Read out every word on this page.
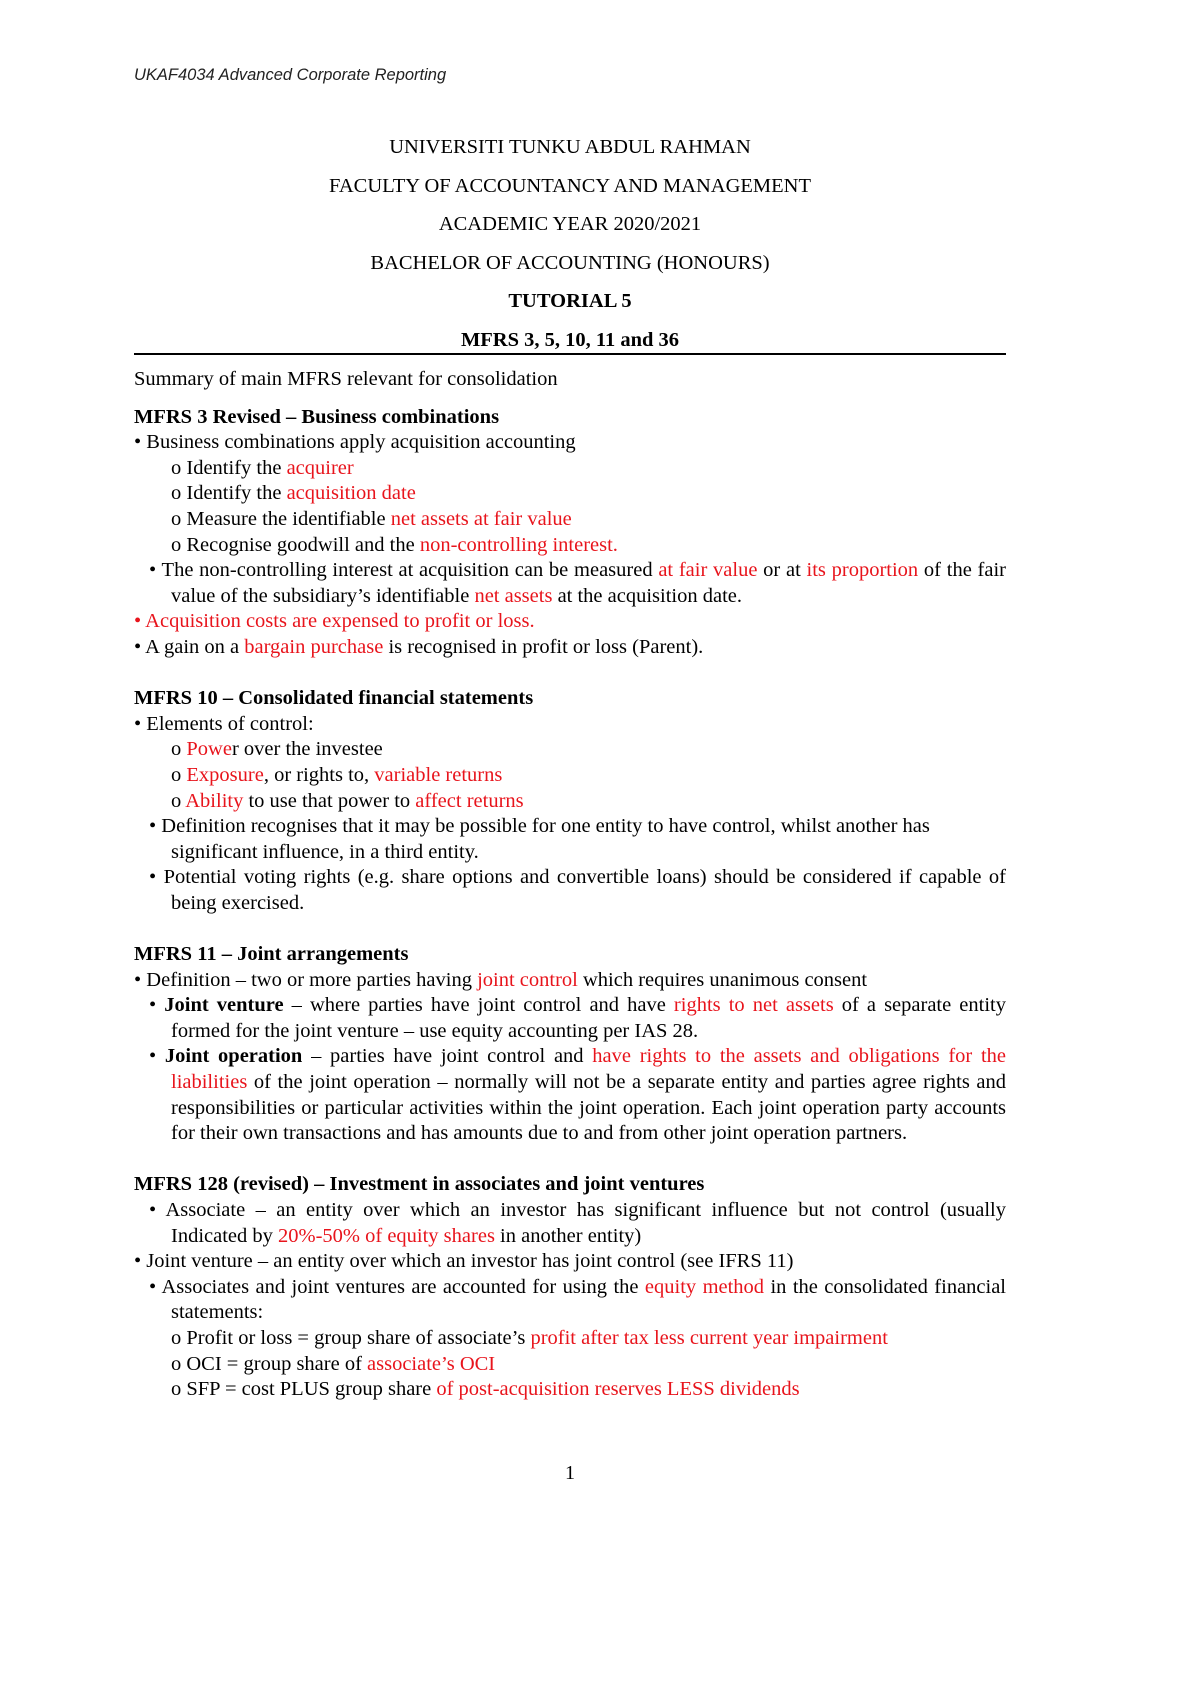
UKAF4034 Advanced Corporate Reporting
UNIVERSITI TUNKU ABDUL RAHMAN
FACULTY OF ACCOUNTANCY AND MANAGEMENT
ACADEMIC YEAR 2020/2021
BACHELOR OF ACCOUNTING (HONOURS)
TUTORIAL 5
MFRS 3, 5, 10, 11 and 36
Summary of main MFRS relevant for consolidation
MFRS 3 Revised – Business combinations
• Business combinations apply acquisition accounting
o Identify the acquirer
o Identify the acquisition date
o Measure the identifiable net assets at fair value
o Recognise goodwill and the non-controlling interest.
• The non-controlling interest at acquisition can be measured at fair value or at its proportion of the fair value of the subsidiary’s identifiable net assets at the acquisition date.
• Acquisition costs are expensed to profit or loss.
• A gain on a bargain purchase is recognised in profit or loss (Parent).
MFRS 10 – Consolidated financial statements
• Elements of control:
o Power over the investee
o Exposure, or rights to, variable returns
o Ability to use that power to affect returns
• Definition recognises that it may be possible for one entity to have control, whilst another has significant influence, in a third entity.
• Potential voting rights (e.g. share options and convertible loans) should be considered if capable of being exercised.
MFRS 11 – Joint arrangements
• Definition – two or more parties having joint control which requires unanimous consent
• Joint venture – where parties have joint control and have rights to net assets of a separate entity formed for the joint venture – use equity accounting per IAS 28.
• Joint operation – parties have joint control and have rights to the assets and obligations for the liabilities of the joint operation – normally will not be a separate entity and parties agree rights and responsibilities or particular activities within the joint operation. Each joint operation party accounts for their own transactions and has amounts due to and from other joint operation partners.
MFRS 128 (revised) – Investment in associates and joint ventures
• Associate – an entity over which an investor has significant influence but not control (usually Indicated by 20%-50% of equity shares in another entity)
• Joint venture – an entity over which an investor has joint control (see IFRS 11)
• Associates and joint ventures are accounted for using the equity method in the consolidated financial statements:
o Profit or loss = group share of associate’s profit after tax less current year impairment
o OCI = group share of associate’s OCI
o SFP = cost PLUS group share of post-acquisition reserves LESS dividends
1
